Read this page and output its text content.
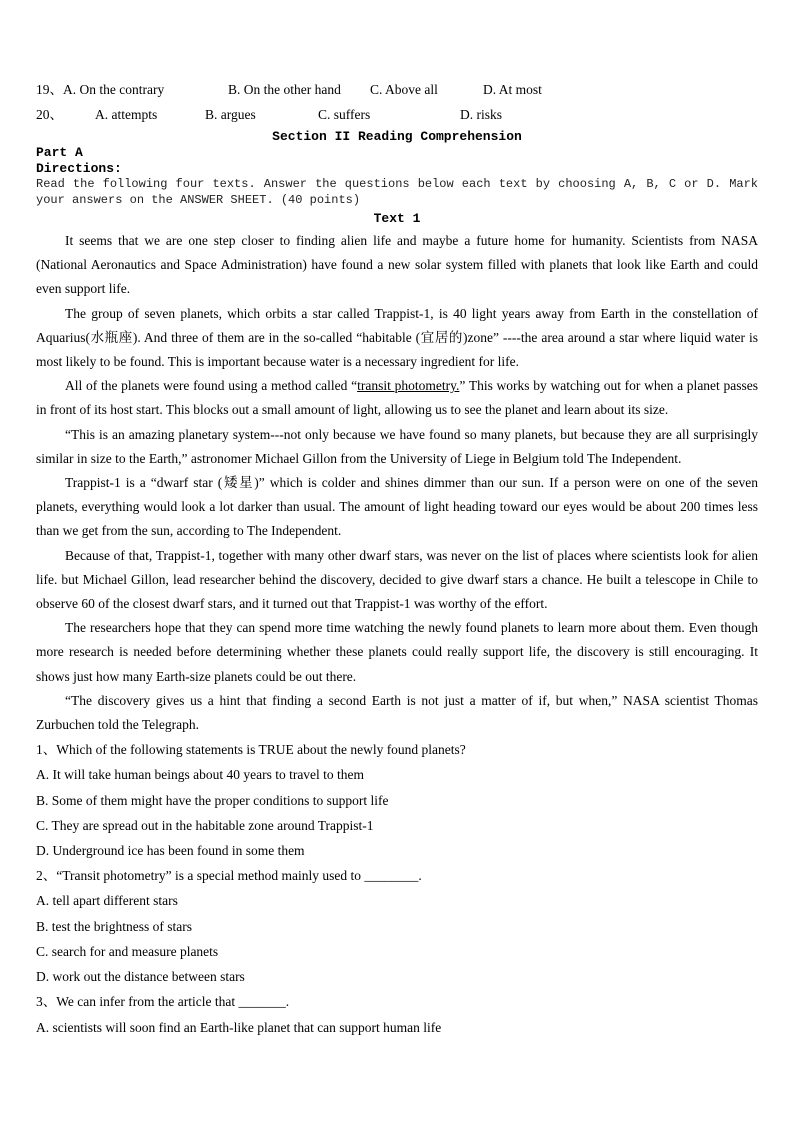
19、A. On the contrary	B. On the other hand C. Above all	D. At most
20、 A. attempts	B. argues	C. suffers	D. risks
Section II Reading Comprehension
Part A
Directions:

Read the following four texts. Answer the questions below each text by choosing A, B, C or D. Mark your answers on the ANSWER SHEET. (40 points)

Text 1

It seems that we are one step closer to finding alien life and maybe a future home for humanity. Scientists from NASA (National Aeronautics and Space Administration) have found a new solar system filled with planets that look like Earth and could even support life.

The group of seven planets, which orbits a star called Trappist-1, is 40 light years away from Earth in the constellation of Aquarius(水瓶座). And three of them are in the so-called “habitable (宜居的)zone” ----the area around a star where liquid water is most likely to be found. This is important because water is a necessary ingredient for life.

All of the planets were found using a method called “transit photometry.” This works by watching out for when a planet passes in front of its host start. This blocks out a small amount of light, allowing us to see the planet and learn about its size.

“This is an amazing planetary system---not only because we have found so many planets, but because they are all surprisingly similar in size to the Earth,” astronomer Michael Gillon from the University of Liege in Belgium told The Independent.

Trappist-1 is a “dwarf star (矮星)” which is colder and shines dimmer than our sun. If a person were on one of the seven planets, everything would look a lot darker than usual. The amount of light heading toward our eyes would be about 200 times less than we get from the sun, according to The Independent.

Because of that, Trappist-1, together with many other dwarf stars, was never on the list of places where scientists look for alien life. but Michael Gillon, lead researcher behind the discovery, decided to give dwarf stars a chance. He built a telescope in Chile to observe 60 of the closest dwarf stars, and it turned out that Trappist-1 was worthy of the effort.

The researchers hope that they can spend more time watching the newly found planets to learn more about them. Even though more research is needed before determining whether these planets could really support life, the discovery is still encouraging. It shows just how many Earth-size planets could be out there.

“The discovery gives us a hint that finding a second Earth is not just a matter of if, but when,” NASA scientist Thomas Zurbuchen told the Telegraph.

1、Which of the following statements is TRUE about the newly found planets?
A. It will take human beings about 40 years to travel to them
B. Some of them might have the proper conditions to support life
C. They are spread out in the habitable zone around Trappist-1
D. Underground ice has been found in some them
2、“Transit photometry” is a special method mainly used to ________.
A. tell apart different stars
B. test the brightness of stars
C. search for and measure planets
D. work out the distance between stars
3、We can infer from the article that _______.
A. scientists will soon find an Earth-like planet that can support human life
